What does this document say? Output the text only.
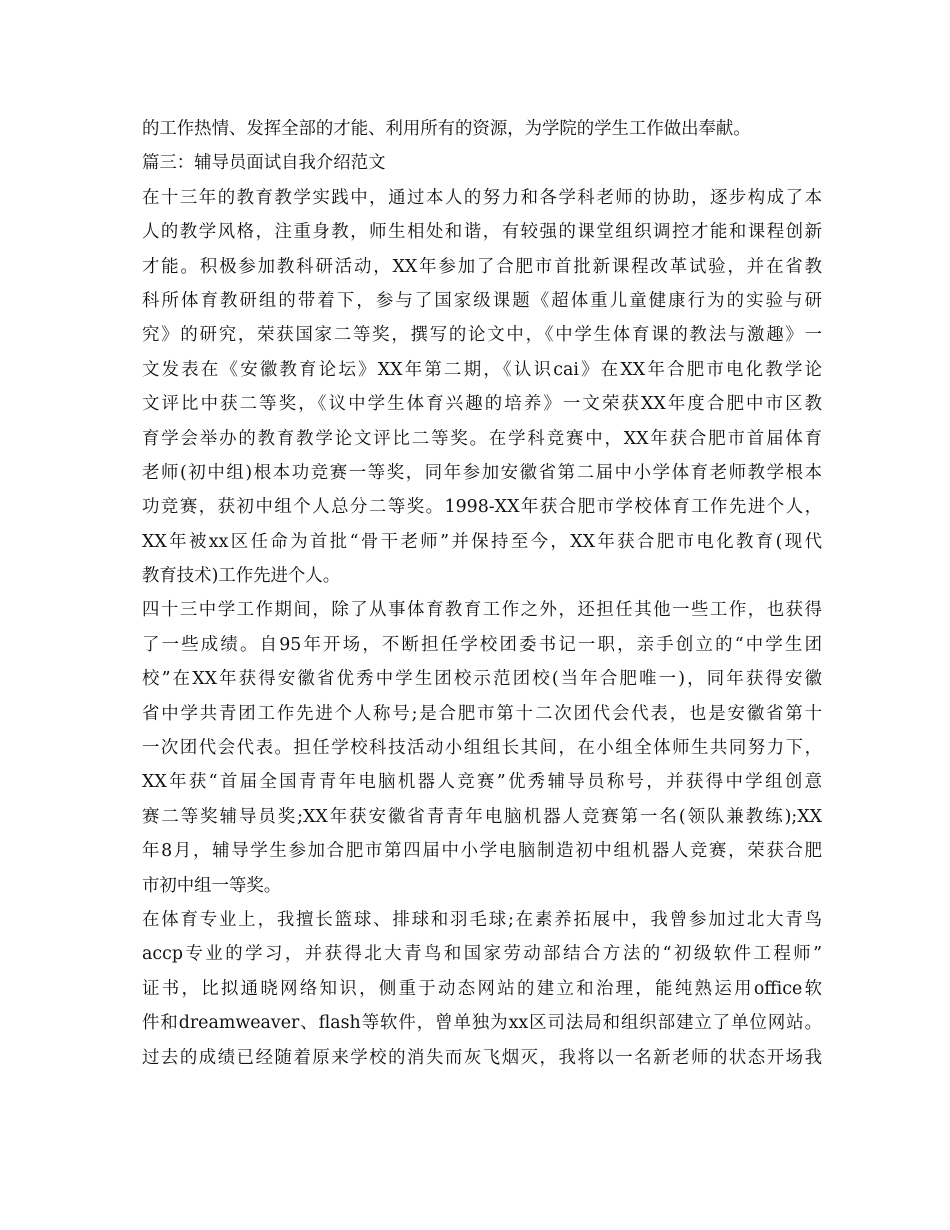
的工作热情、发挥全部的才能、利用所有的资源，为学院的学生工作做出奉献。
篇三：辅导员面试自我介绍范文
在十三年的教育教学实践中，通过本人的努力和各学科老师的协助，逐步构成了本
人的教学风格，注重身教，师生相处和谐，有较强的课堂组织调控才能和课程创新
才能。积极参加教科研活动，XX年参加了合肥市首批新课程改革试验，并在省教
科所体育教研组的带着下，参与了国家级课题《超体重儿童健康行为的实验与研
究》的研究，荣获国家二等奖，撰写的论文中，《中学生体育课的教法与激趣》一
文发表在《安徽教育论坛》XX年第二期，《认识cai》在XX年合肥市电化教学论
文评比中获二等奖，《议中学生体育兴趣的培养》一文荣获XX年度合肥中市区教
育学会举办的教育教学论文评比二等奖。在学科竞赛中，XX年获合肥市首届体育
老师(初中组)根本功竞赛一等奖，同年参加安徽省第二届中小学体育老师教学根本
功竞赛，获初中组个人总分二等奖。1998-XX年获合肥市学校体育工作先进个人，
XX年被xx区任命为首批“骨干老师”并保持至今，XX年获合肥市电化教育(现代
教育技术)工作先进个人。
四十三中学工作期间，除了从事体育教育工作之外，还担任其他一些工作，也获得
了一些成绩。自95年开场，不断担任学校团委书记一职，亲手创立的“中学生团
校”在XX年获得安徽省优秀中学生团校示范团校(当年合肥唯一)，同年获得安徽
省中学共青团工作先进个人称号;是合肥市第十二次团代会代表，也是安徽省第十
一次团代会代表。担任学校科技活动小组组长其间，在小组全体师生共同努力下，
XX年获“首届全国青青年电脑机器人竞赛”优秀辅导员称号，并获得中学组创意
赛二等奖辅导员奖;XX年获安徽省青青年电脑机器人竞赛第一名(领队兼教练);XX
年8月，辅导学生参加合肥市第四届中小学电脑制造初中组机器人竞赛，荣获合肥
市初中组一等奖。
在体育专业上，我擅长篮球、排球和羽毛球;在素养拓展中，我曾参加过北大青鸟
accp专业的学习，并获得北大青鸟和国家劳动部结合方法的“初级软件工程师”
证书，比拟通晓网络知识，侧重于动态网站的建立和治理，能纯熟运用office软
件和dreamweaver、flash等软件，曾单独为xx区司法局和组织部建立了单位网站。
过去的成绩已经随着原来学校的消失而灰飞烟灭，我将以一名新老师的状态开场我
